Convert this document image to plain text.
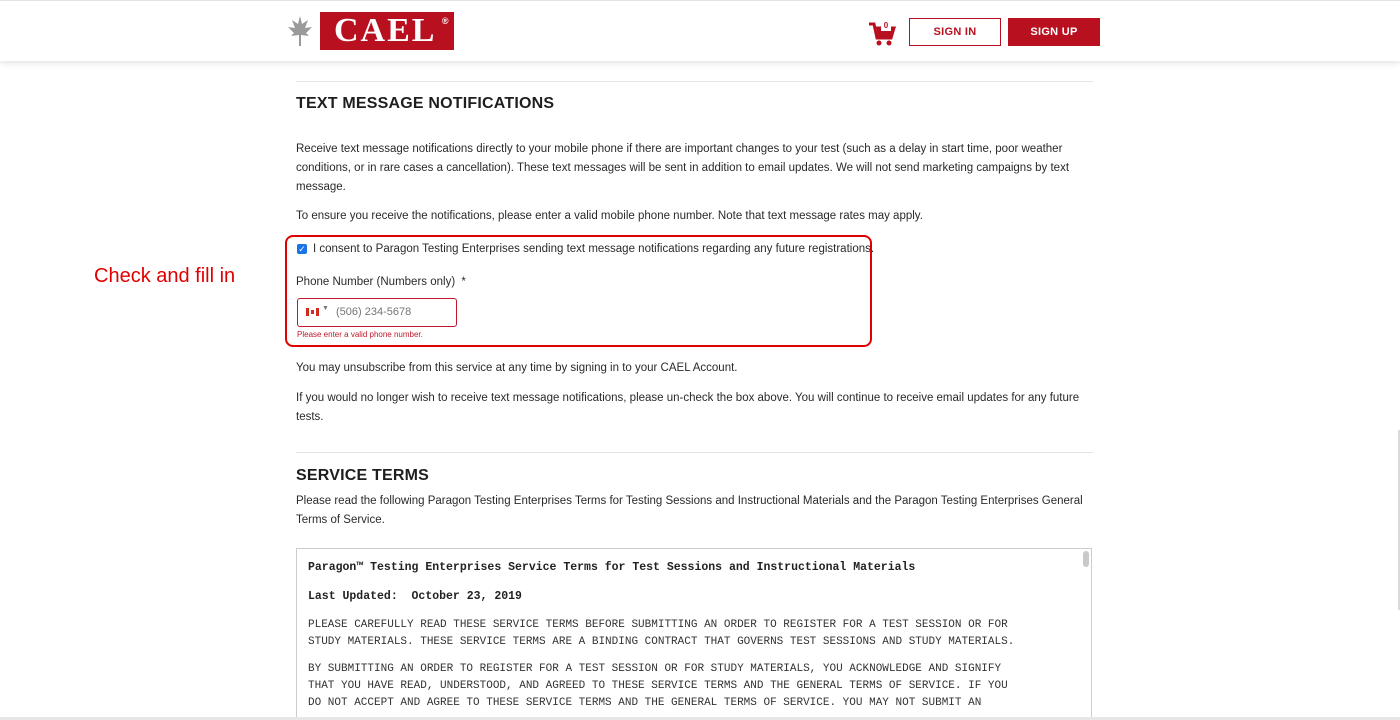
CAEL ®	0
SIGN IN	SIGN UP
TEXT MESSAGE NOTIFICATIONS

Receive text message notifications directly to your mobile phone if there are important changes to your test (such as a delay in start time, poor weather

conditions, or in rare cases a cancellation). These text messages will be sent in addition to email updates. We will not send marketing campaigns by text

message.

To ensure you receive the notifications, please enter a valid mobile phone number. Note that text message rates may apply.

✓ I consent to Paragon Testing Enterprises sending text message notifications regarding any future registrations.

Phone Number (Numbers only) *

▼
(506) 234-5678
Please enter a valid phone number.
Check and fill in

You may unsubscribe from this service at any time by signing in to your CAEL Account.

If you would no longer wish to receive text message notifications, please un-check the box above. You will continue to receive email updates for any future

tests.

SERVICE TERMS

Please read the following Paragon Testing Enterprises Terms for Testing Sessions and Instructional Materials and the Paragon Testing Enterprises General

Terms of Service.

Paragon™ Testing Enterprises Service Terms for Test Sessions and Instructional Materials
Last Updated:  October 23, 2019
PLEASE CAREFULLY READ THESE SERVICE TERMS BEFORE SUBMITTING AN ORDER TO REGISTER FOR A TEST SESSION OR FOR
STUDY MATERIALS. THESE SERVICE TERMS ARE A BINDING CONTRACT THAT GOVERNS TEST SESSIONS AND STUDY MATERIALS.
BY SUBMITTING AN ORDER TO REGISTER FOR A TEST SESSION OR FOR STUDY MATERIALS, YOU ACKNOWLEDGE AND SIGNIFY
THAT YOU HAVE READ, UNDERSTOOD, AND AGREED TO THESE SERVICE TERMS AND THE GENERAL TERMS OF SERVICE. IF YOU
DO NOT ACCEPT AND AGREE TO THESE SERVICE TERMS AND THE GENERAL TERMS OF SERVICE. YOU MAY NOT SUBMIT AN
